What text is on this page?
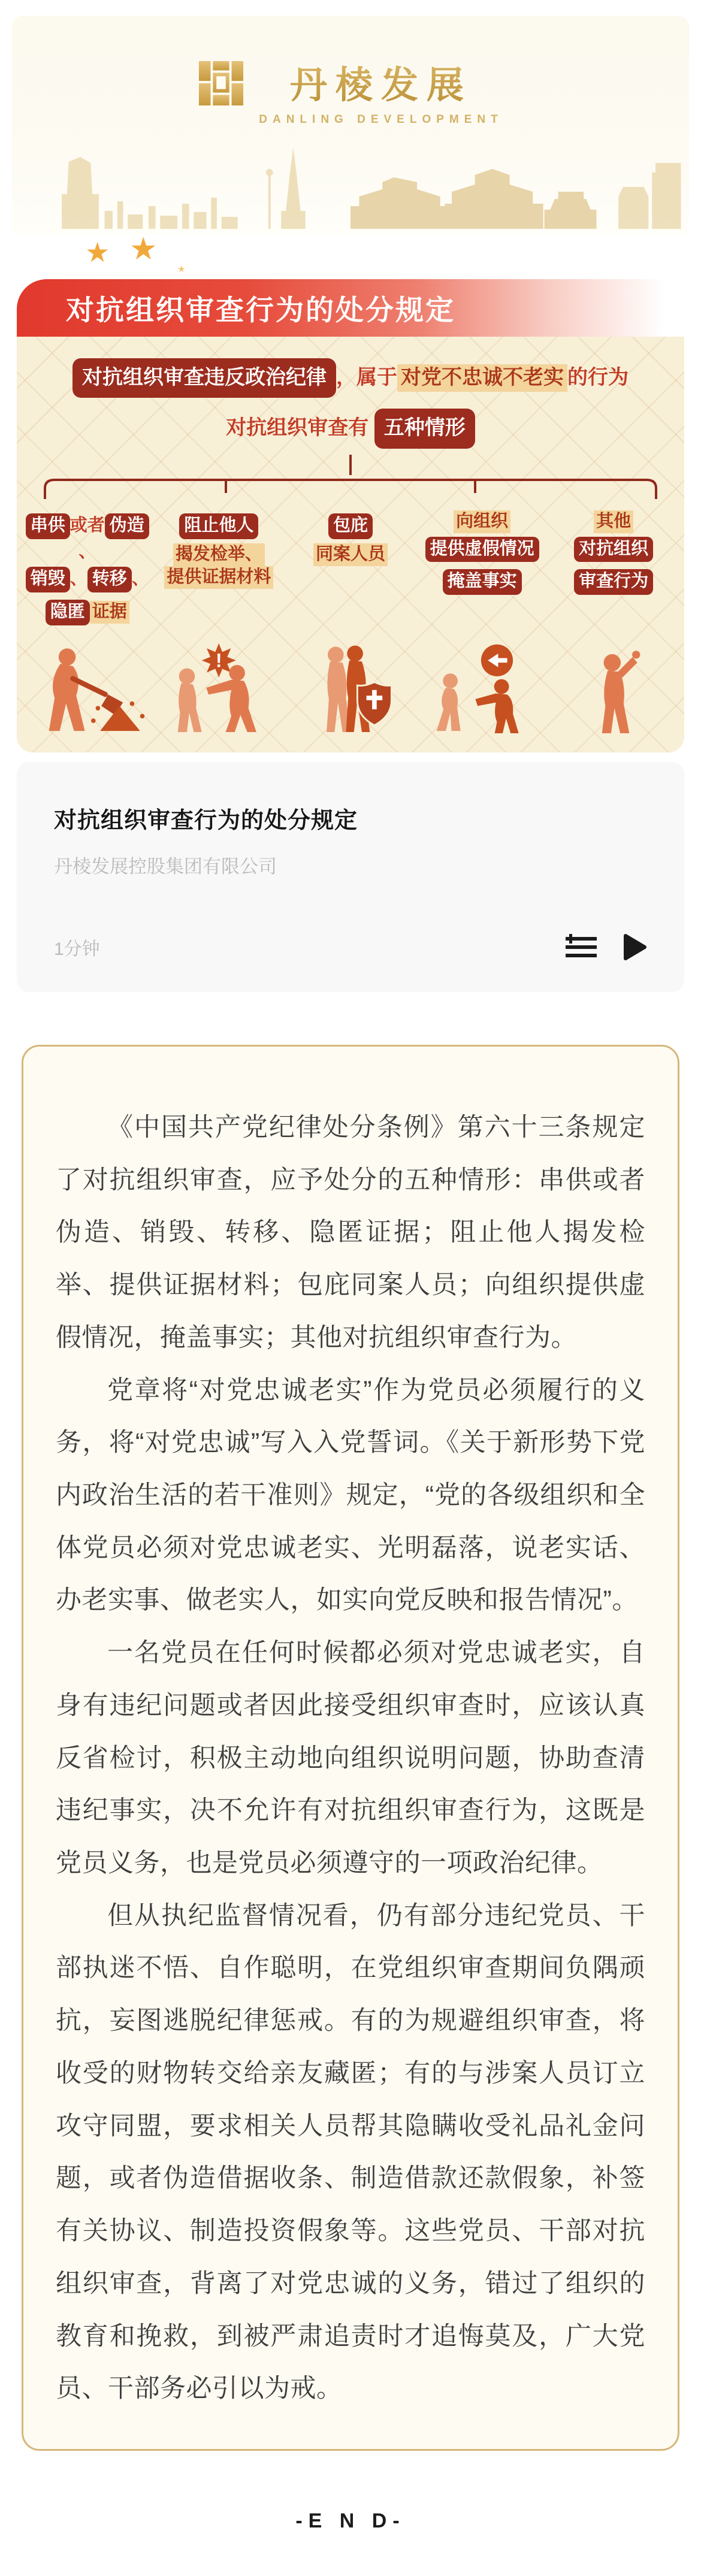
丹棱发展
DANLING DEVELOPMENT
★ ★
★
对抗组织审查行为的处分规定
对抗组织审查违反政治纪律 ，属于 对党不忠诚不老实 的行为
对抗组织审查有 五种情形
串供 或者 伪造、
销毁 、 转移 、
隐匿 证据
阻止他人
揭发检举、
提供证据材料
包庇
同案人员
向组织
提供虚假情况
掩盖事实
其他
对抗组织
审查行为
!
对抗组织审查行为的处分规定
丹棱发展控股集团有限公司
1分钟

《中国共产党纪律处分条例》第六十三条规定了对抗组织审查，应予处分的五种情形：串供或者伪造、销毁、转移、隐匿证据；阻止他人揭发检举、提供证据材料；包庇同案人员；向组织提供虚假情况，掩盖事实；其他对抗组织审查行为。

党章将“对党忠诚老实”作为党员必须履行的义务，将“对党忠诚”写入入党誓词。《关于新形势下党内政治生活的若干准则》规定，“党的各级组织和全体党员必须对党忠诚老实、光明磊落，说老实话、办老实事、做老实人，如实向党反映和报告情况”。

一名党员在任何时候都必须对党忠诚老实，自身有违纪问题或者因此接受组织审查时，应该认真反省检讨，积极主动地向组织说明问题，协助查清违纪事实，决不允许有对抗组织审查行为，这既是党员义务，也是党员必须遵守的一项政治纪律。

但从执纪监督情况看，仍有部分违纪党员、干部执迷不悟、自作聪明，在党组织审查期间负隅顽抗，妄图逃脱纪律惩戒。有的为规避组织审查，将收受的财物转交给亲友藏匿；有的与涉案人员订立攻守同盟，要求相关人员帮其隐瞒收受礼品礼金问题，或者伪造借据收条、制造借款还款假象，补签有关协议、制造投资假象等。这些党员、干部对抗组织审查，背离了对党忠诚的义务，错过了组织的教育和挽救，到被严肃追责时才追悔莫及，广大党员、干部务必引以为戒。

-E N D-
